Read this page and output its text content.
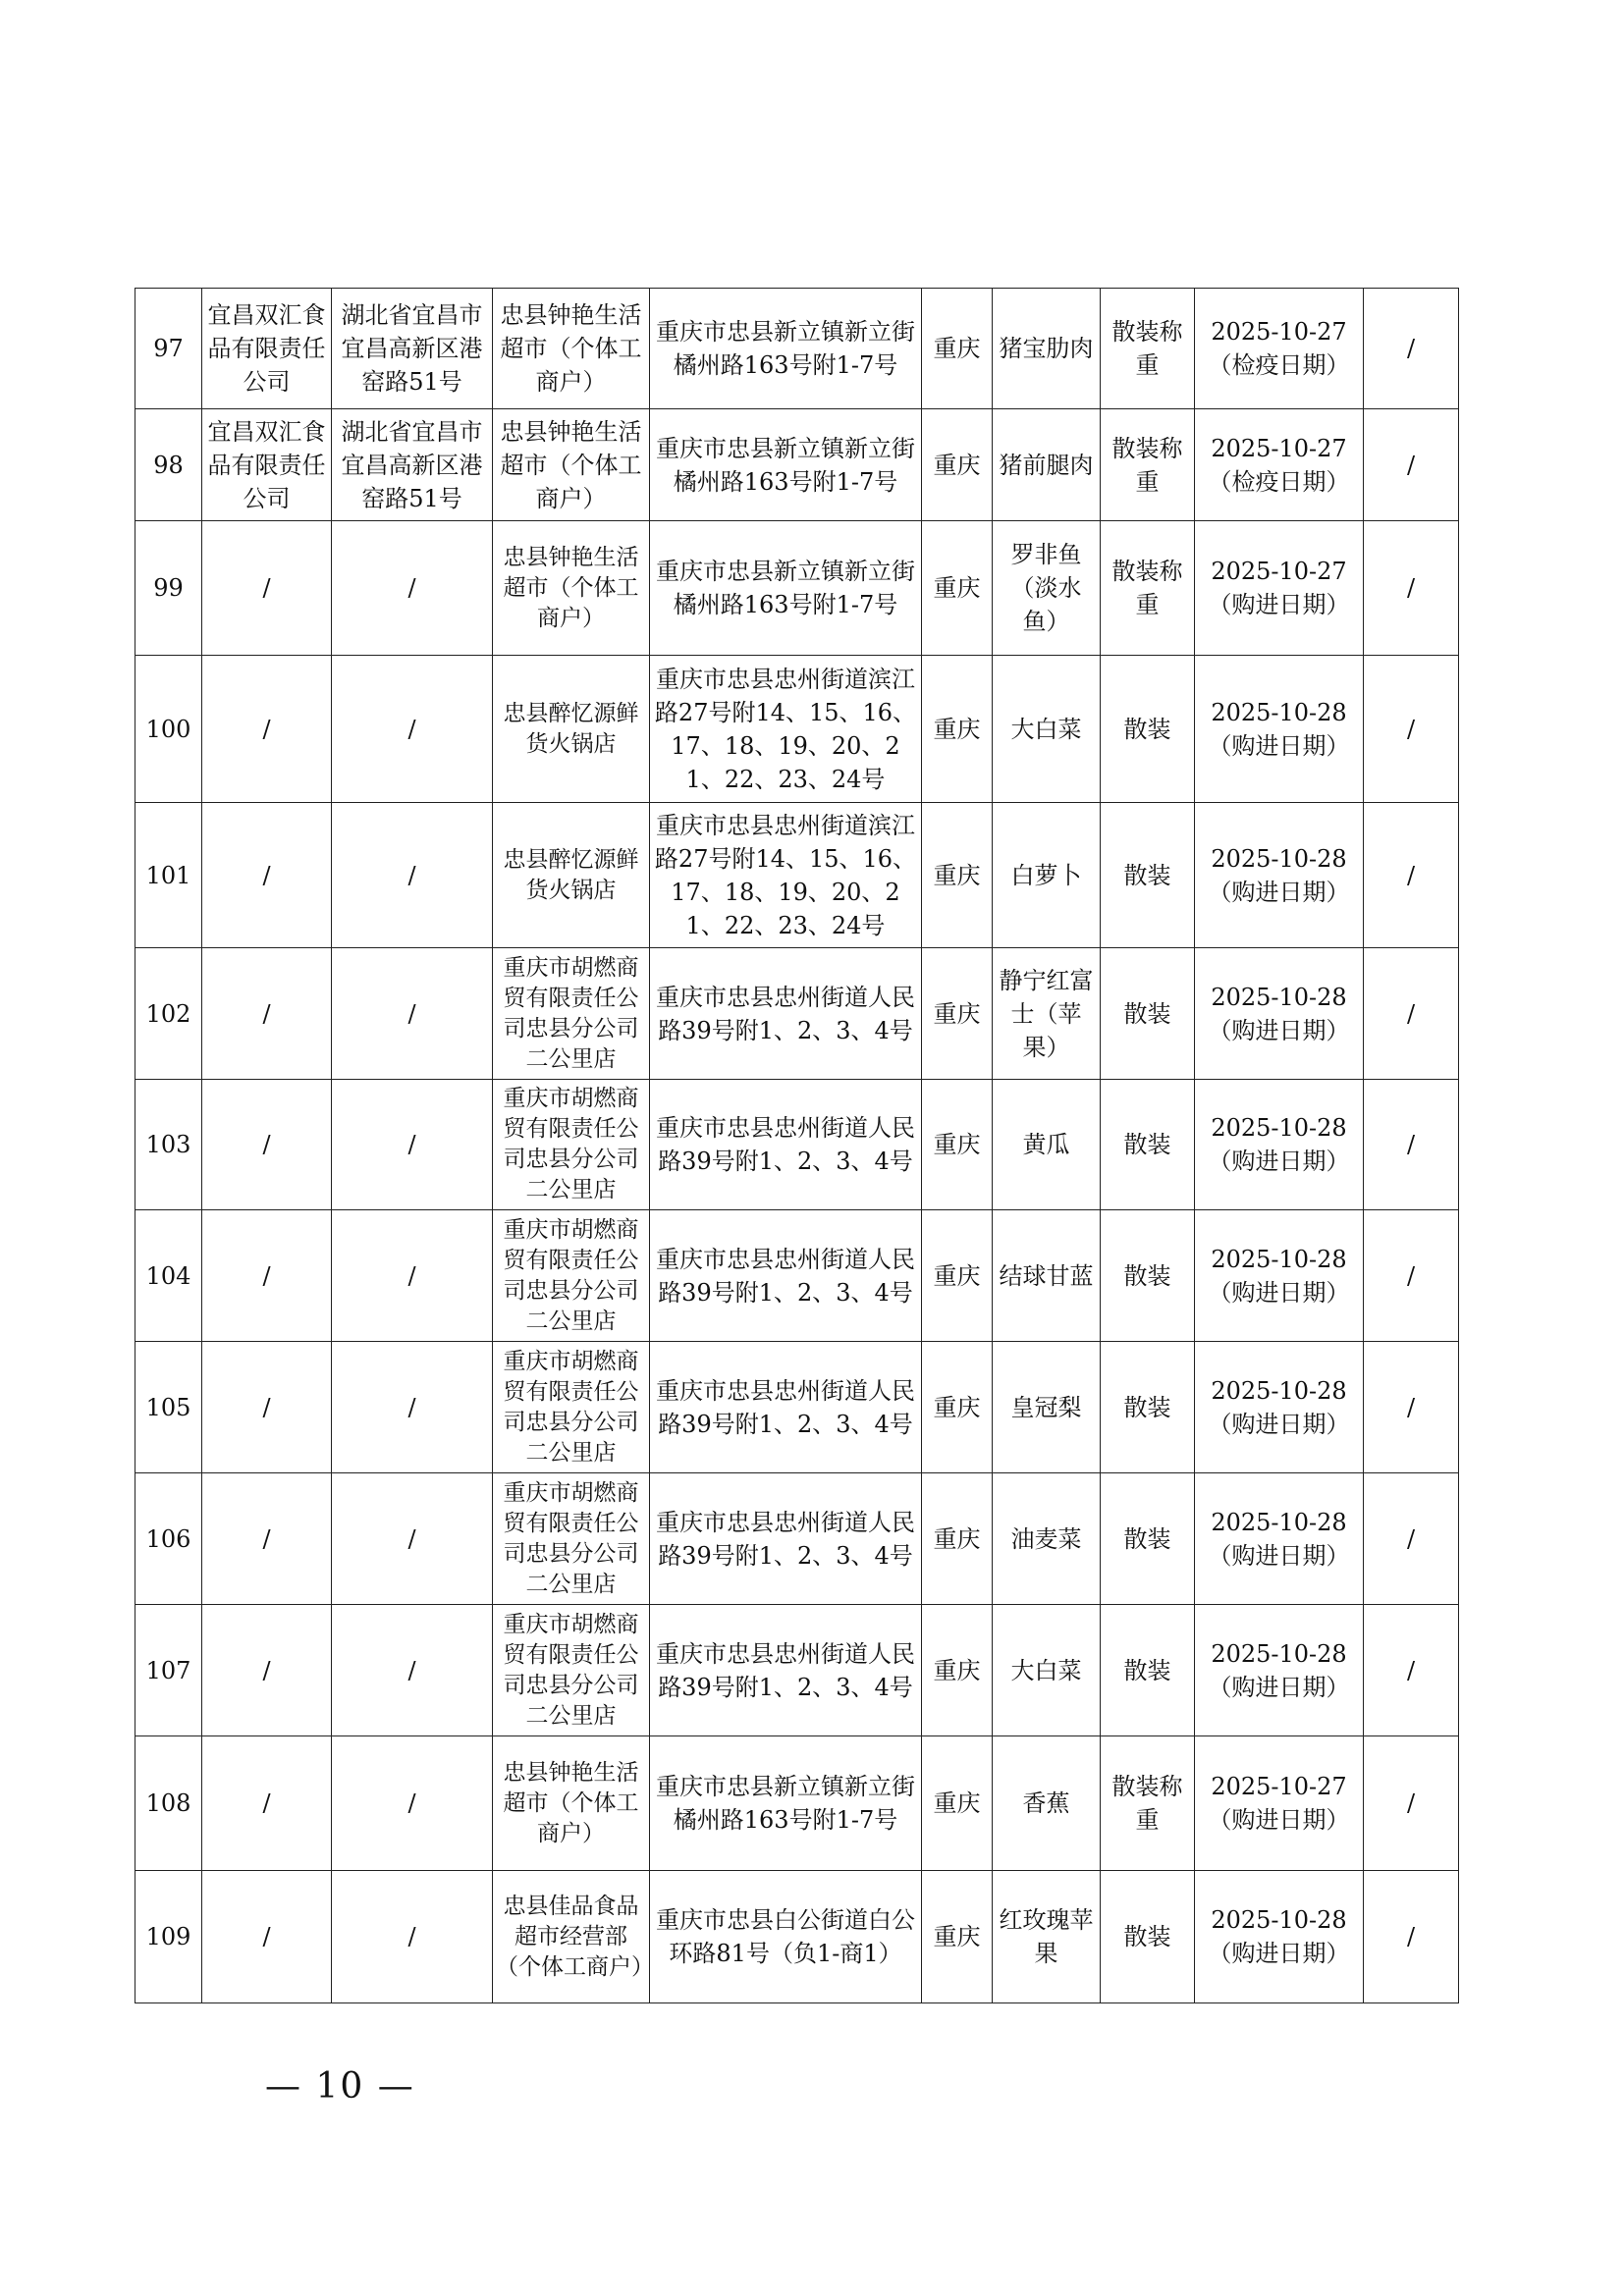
97	宜昌双汇食品有限责任公司	湖北省宜昌市宜昌高新区港窑路51号	忠县钟艳生活超市（个体工商户）	重庆市忠县新立镇新立街橘州路163号附1-7号	重庆	猪宝肋肉	散装称重	2025-10-27（检疫日期）	/
98	宜昌双汇食品有限责任公司	湖北省宜昌市宜昌高新区港窑路51号	忠县钟艳生活超市（个体工商户）	重庆市忠县新立镇新立街橘州路163号附1-7号	重庆	猪前腿肉	散装称重	2025-10-27（检疫日期）	/
99	/	/	忠县钟艳生活超市（个体工商户）	重庆市忠县新立镇新立街橘州路163号附1-7号	重庆	罗非鱼（淡水鱼）	散装称重	2025-10-27（购进日期）	/
100	/	/	忠县醉忆源鲜货火锅店	重庆市忠县忠州街道滨江路27号附14、15、16、17、18、19、20、21、22、23、24号	重庆	大白菜	散装	2025-10-28（购进日期）	/
101	/	/	忠县醉忆源鲜货火锅店	重庆市忠县忠州街道滨江路27号附14、15、16、17、18、19、20、21、22、23、24号	重庆	白萝卜	散装	2025-10-28（购进日期）	/
102	/	/	重庆市胡燃商贸有限责任公司忠县分公司二公里店	重庆市忠县忠州街道人民路39号附1、2、3、4号	重庆	静宁红富士（苹果）	散装	2025-10-28（购进日期）	/
103	/	/	重庆市胡燃商贸有限责任公司忠县分公司二公里店	重庆市忠县忠州街道人民路39号附1、2、3、4号	重庆	黄瓜	散装	2025-10-28（购进日期）	/
104	/	/	重庆市胡燃商贸有限责任公司忠县分公司二公里店	重庆市忠县忠州街道人民路39号附1、2、3、4号	重庆	结球甘蓝	散装	2025-10-28（购进日期）	/
105	/	/	重庆市胡燃商贸有限责任公司忠县分公司二公里店	重庆市忠县忠州街道人民路39号附1、2、3、4号	重庆	皇冠梨	散装	2025-10-28（购进日期）	/
106	/	/	重庆市胡燃商贸有限责任公司忠县分公司二公里店	重庆市忠县忠州街道人民路39号附1、2、3、4号	重庆	油麦菜	散装	2025-10-28（购进日期）	/
107	/	/	重庆市胡燃商贸有限责任公司忠县分公司二公里店	重庆市忠县忠州街道人民路39号附1、2、3、4号	重庆	大白菜	散装	2025-10-28（购进日期）	/
108	/	/	忠县钟艳生活超市（个体工商户）	重庆市忠县新立镇新立街橘州路163号附1-7号	重庆	香蕉	散装称重	2025-10-27（购进日期）	/
109	/	/	忠县佳品食品超市经营部（个体工商户）	重庆市忠县白公街道白公环路81号（负1-商1）	重庆	红玫瑰苹果	散装	2025-10-28（购进日期）	/
— 10 —
